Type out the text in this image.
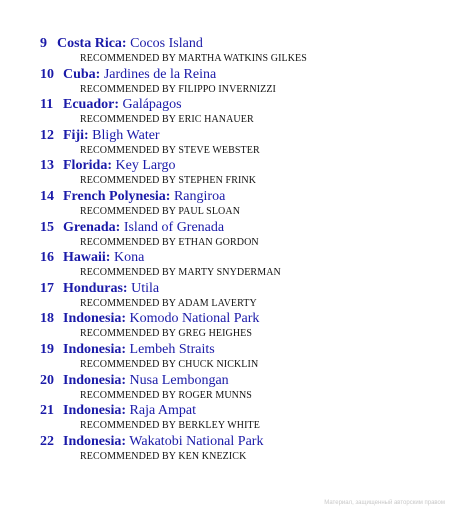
9 Costa Rica: Cocos Island
RECOMMENDED BY MARTHA WATKINS GILKES
10 Cuba: Jardines de la Reina
RECOMMENDED BY FILIPPO INVERNIZZI
11 Ecuador: Galápagos
RECOMMENDED BY ERIC HANAUER
12 Fiji: Bligh Water
RECOMMENDED BY STEVE WEBSTER
13 Florida: Key Largo
RECOMMENDED BY STEPHEN FRINK
14 French Polynesia: Rangiroa
RECOMMENDED BY PAUL SLOAN
15 Grenada: Island of Grenada
RECOMMENDED BY ETHAN GORDON
16 Hawaii: Kona
RECOMMENDED BY MARTY SNYDERMAN
17 Honduras: Utila
RECOMMENDED BY ADAM LAVERTY
18 Indonesia: Komodo National Park
RECOMMENDED BY GREG HEIGHES
19 Indonesia: Lembeh Straits
RECOMMENDED BY CHUCK NICKLIN
20 Indonesia: Nusa Lembongan
RECOMMENDED BY ROGER MUNNS
21 Indonesia: Raja Ampat
RECOMMENDED BY BERKLEY WHITE
22 Indonesia: Wakatobi National Park
RECOMMENDED BY KEN KNEZICK
Материал, защищенный авторским правом
